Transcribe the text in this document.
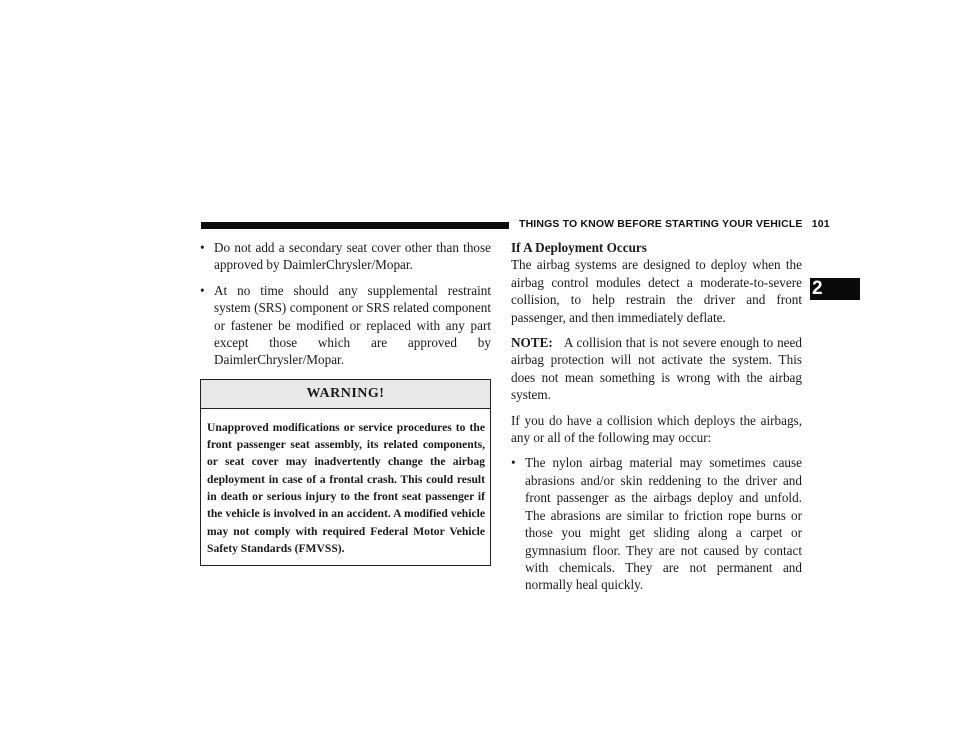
THINGS TO KNOW BEFORE STARTING YOUR VEHICLE 101
2
• Do not add a secondary seat cover other than those approved by DaimlerChrysler/Mopar.
• At no time should any supplemental restraint system (SRS) component or SRS related component or fastener be modified or replaced with any part except those which are approved by DaimlerChrysler/Mopar.
WARNING!
Unapproved modifications or service procedures to the front passenger seat assembly, its related components, or seat cover may inadvertently change the airbag deployment in case of a frontal crash. This could result in death or serious injury to the front seat passenger if the vehicle is involved in an accident. A modified vehicle may not comply with required Federal Motor Vehicle Safety Standards (FMVSS).

If A Deployment Occurs

The airbag systems are designed to deploy when the airbag control modules detect a moderate-to-severe collision, to help restrain the driver and front passenger, and then immediately deflate.

NOTE: A collision that is not severe enough to need airbag protection will not activate the system. This does not mean something is wrong with the airbag system.

If you do have a collision which deploys the airbags, any or all of the following may occur:

• The nylon airbag material may sometimes cause abrasions and/or skin reddening to the driver and front passenger as the airbags deploy and unfold. The abrasions are similar to friction rope burns or those you might get sliding along a carpet or gymnasium floor. They are not caused by contact with chemicals. They are not permanent and normally heal quickly.
